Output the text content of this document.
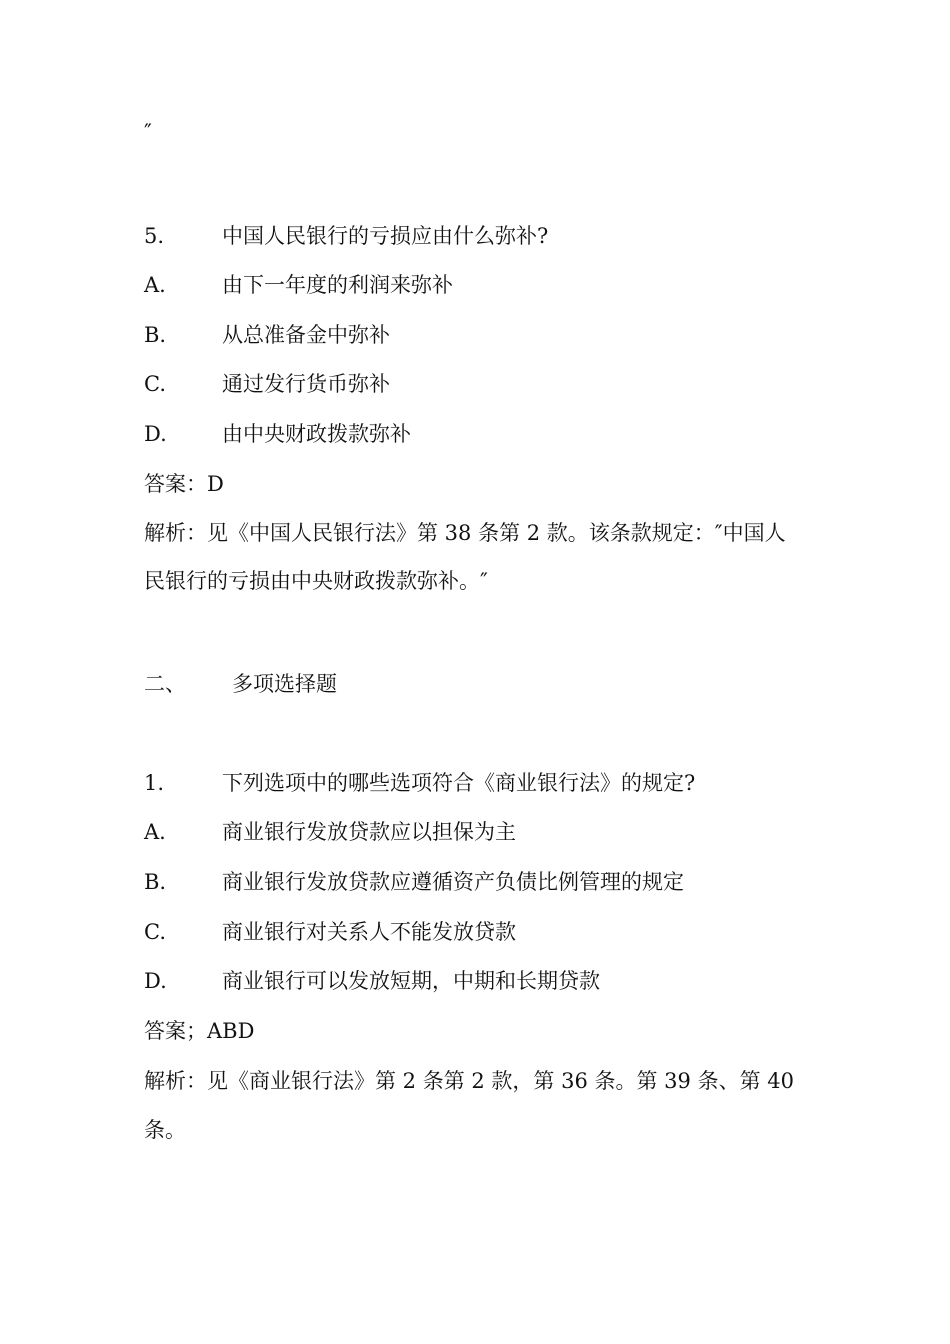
″
5.	中国人民银行的亏损应由什么弥补?
A.	由下一年度的利润来弥补
B.	从总准备金中弥补
C.	通过发行货币弥补
D.	由中央财政拨款弥补
答案：D
解析：见《中国人民银行法》第 38 条第 2 款。该条款规定：″中国人
民银行的亏损由中央财政拨款弥补。″
二、 多项选择题
1.	下列选项中的哪些选项符合《商业银行法》的规定?
A.	商业银行发放贷款应以担保为主
B.	商业银行发放贷款应遵循资产负债比例管理的规定
C.	商业银行对关系人不能发放贷款
D.	商业银行可以发放短期，中期和长期贷款
答案；ABD
解析：见《商业银行法》第 2 条第 2 款，第 36 条。第 39 条、第 40
条。
